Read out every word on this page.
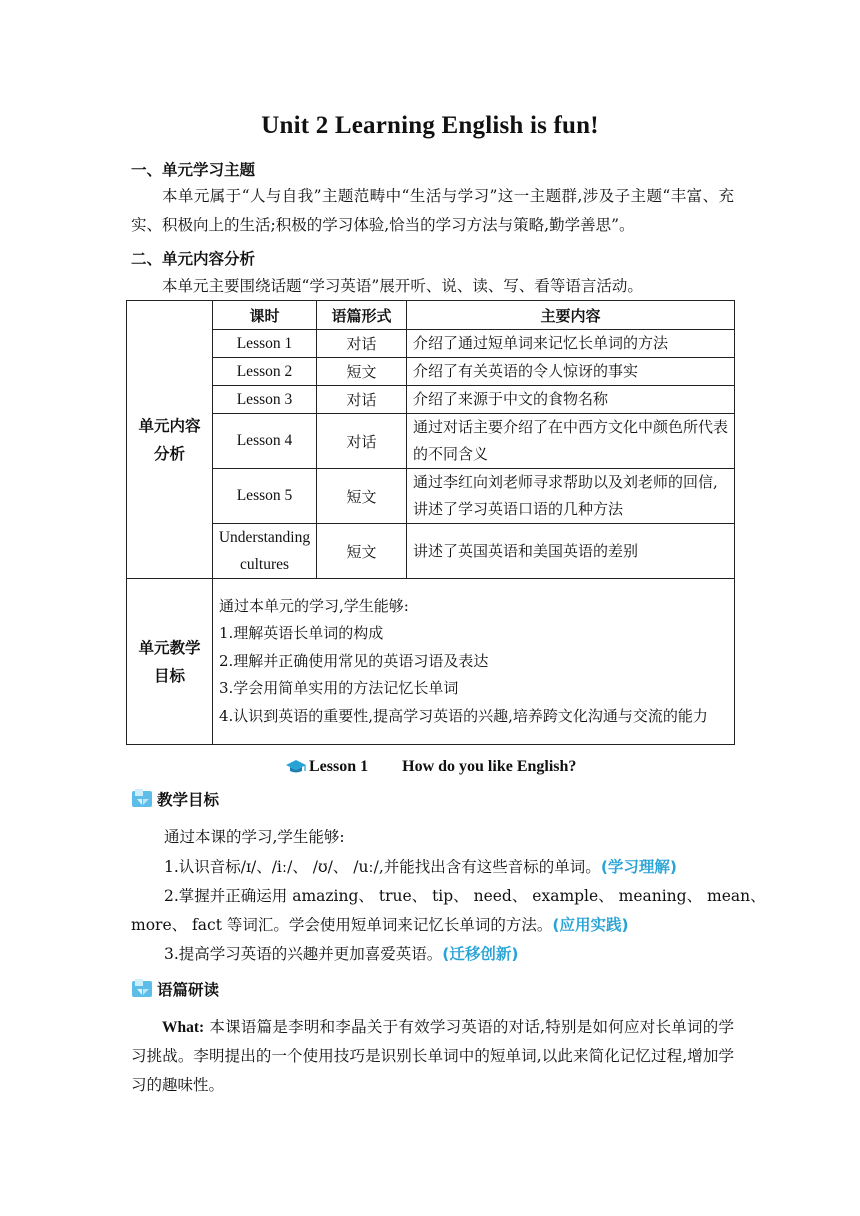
Unit 2 Learning English is fun!
一、单元学习主题

本单元属于“人与自我”主题范畴中“生活与学习”这一主题群,涉及子主题“丰富、充实、积极向上的生活;积极的学习体验,恰当的学习方法与策略,勤学善思”。

二、单元内容分析

本单元主要围绕话题“学习英语”展开听、说、读、写、看等语言活动。

单元内容分析	课时	语篇形式	主要内容
	Lesson 1	对话	介绍了通过短单词来记忆长单词的方法
	Lesson 2	短文	介绍了有关英语的令人惊讶的事实
	Lesson 3	对话	介绍了来源于中文的食物名称
	Lesson 4	对话	通过对话主要介绍了在中西方文化中颜色所代表的不同含义
	Lesson 5	短文	通过李红向刘老师寻求帮助以及刘老师的回信,讲述了学习英语口语的几种方法
	Understanding cultures	短文	讲述了英国英语和美国英语的差别
单元教学目标	通过本单元的学习,学生能够:
1.理解英语长单词的构成
2.理解并正确使用常见的英语习语及表达
3.学会用简单实用的方法记忆长单词
4.认识到英语的重要性,提高学习英语的兴趣,培养跨文化沟通与交流的能力		
Lesson 1 How do you like English?
教学目标
通过本课的学习,学生能够:
1.认识音标/ɪ/、/iː/、 /ʊ/、 /uː/,并能找出含有这些音标的单词。(学习理解)
2.掌握并正确运用 amazing、 true、 tip、 need、 example、 meaning、 mean、
more、 fact 等词汇。学会使用短单词来记忆长单词的方法。(应用实践)
3.提高学习英语的兴趣并更加喜爱英语。(迁移创新)
语篇研读

What: 本课语篇是李明和李晶关于有效学习英语的对话,特别是如何应对长单词的学习挑战。李明提出的一个使用技巧是识别长单词中的短单词,以此来简化记忆过程,增加学习的趣味性。
